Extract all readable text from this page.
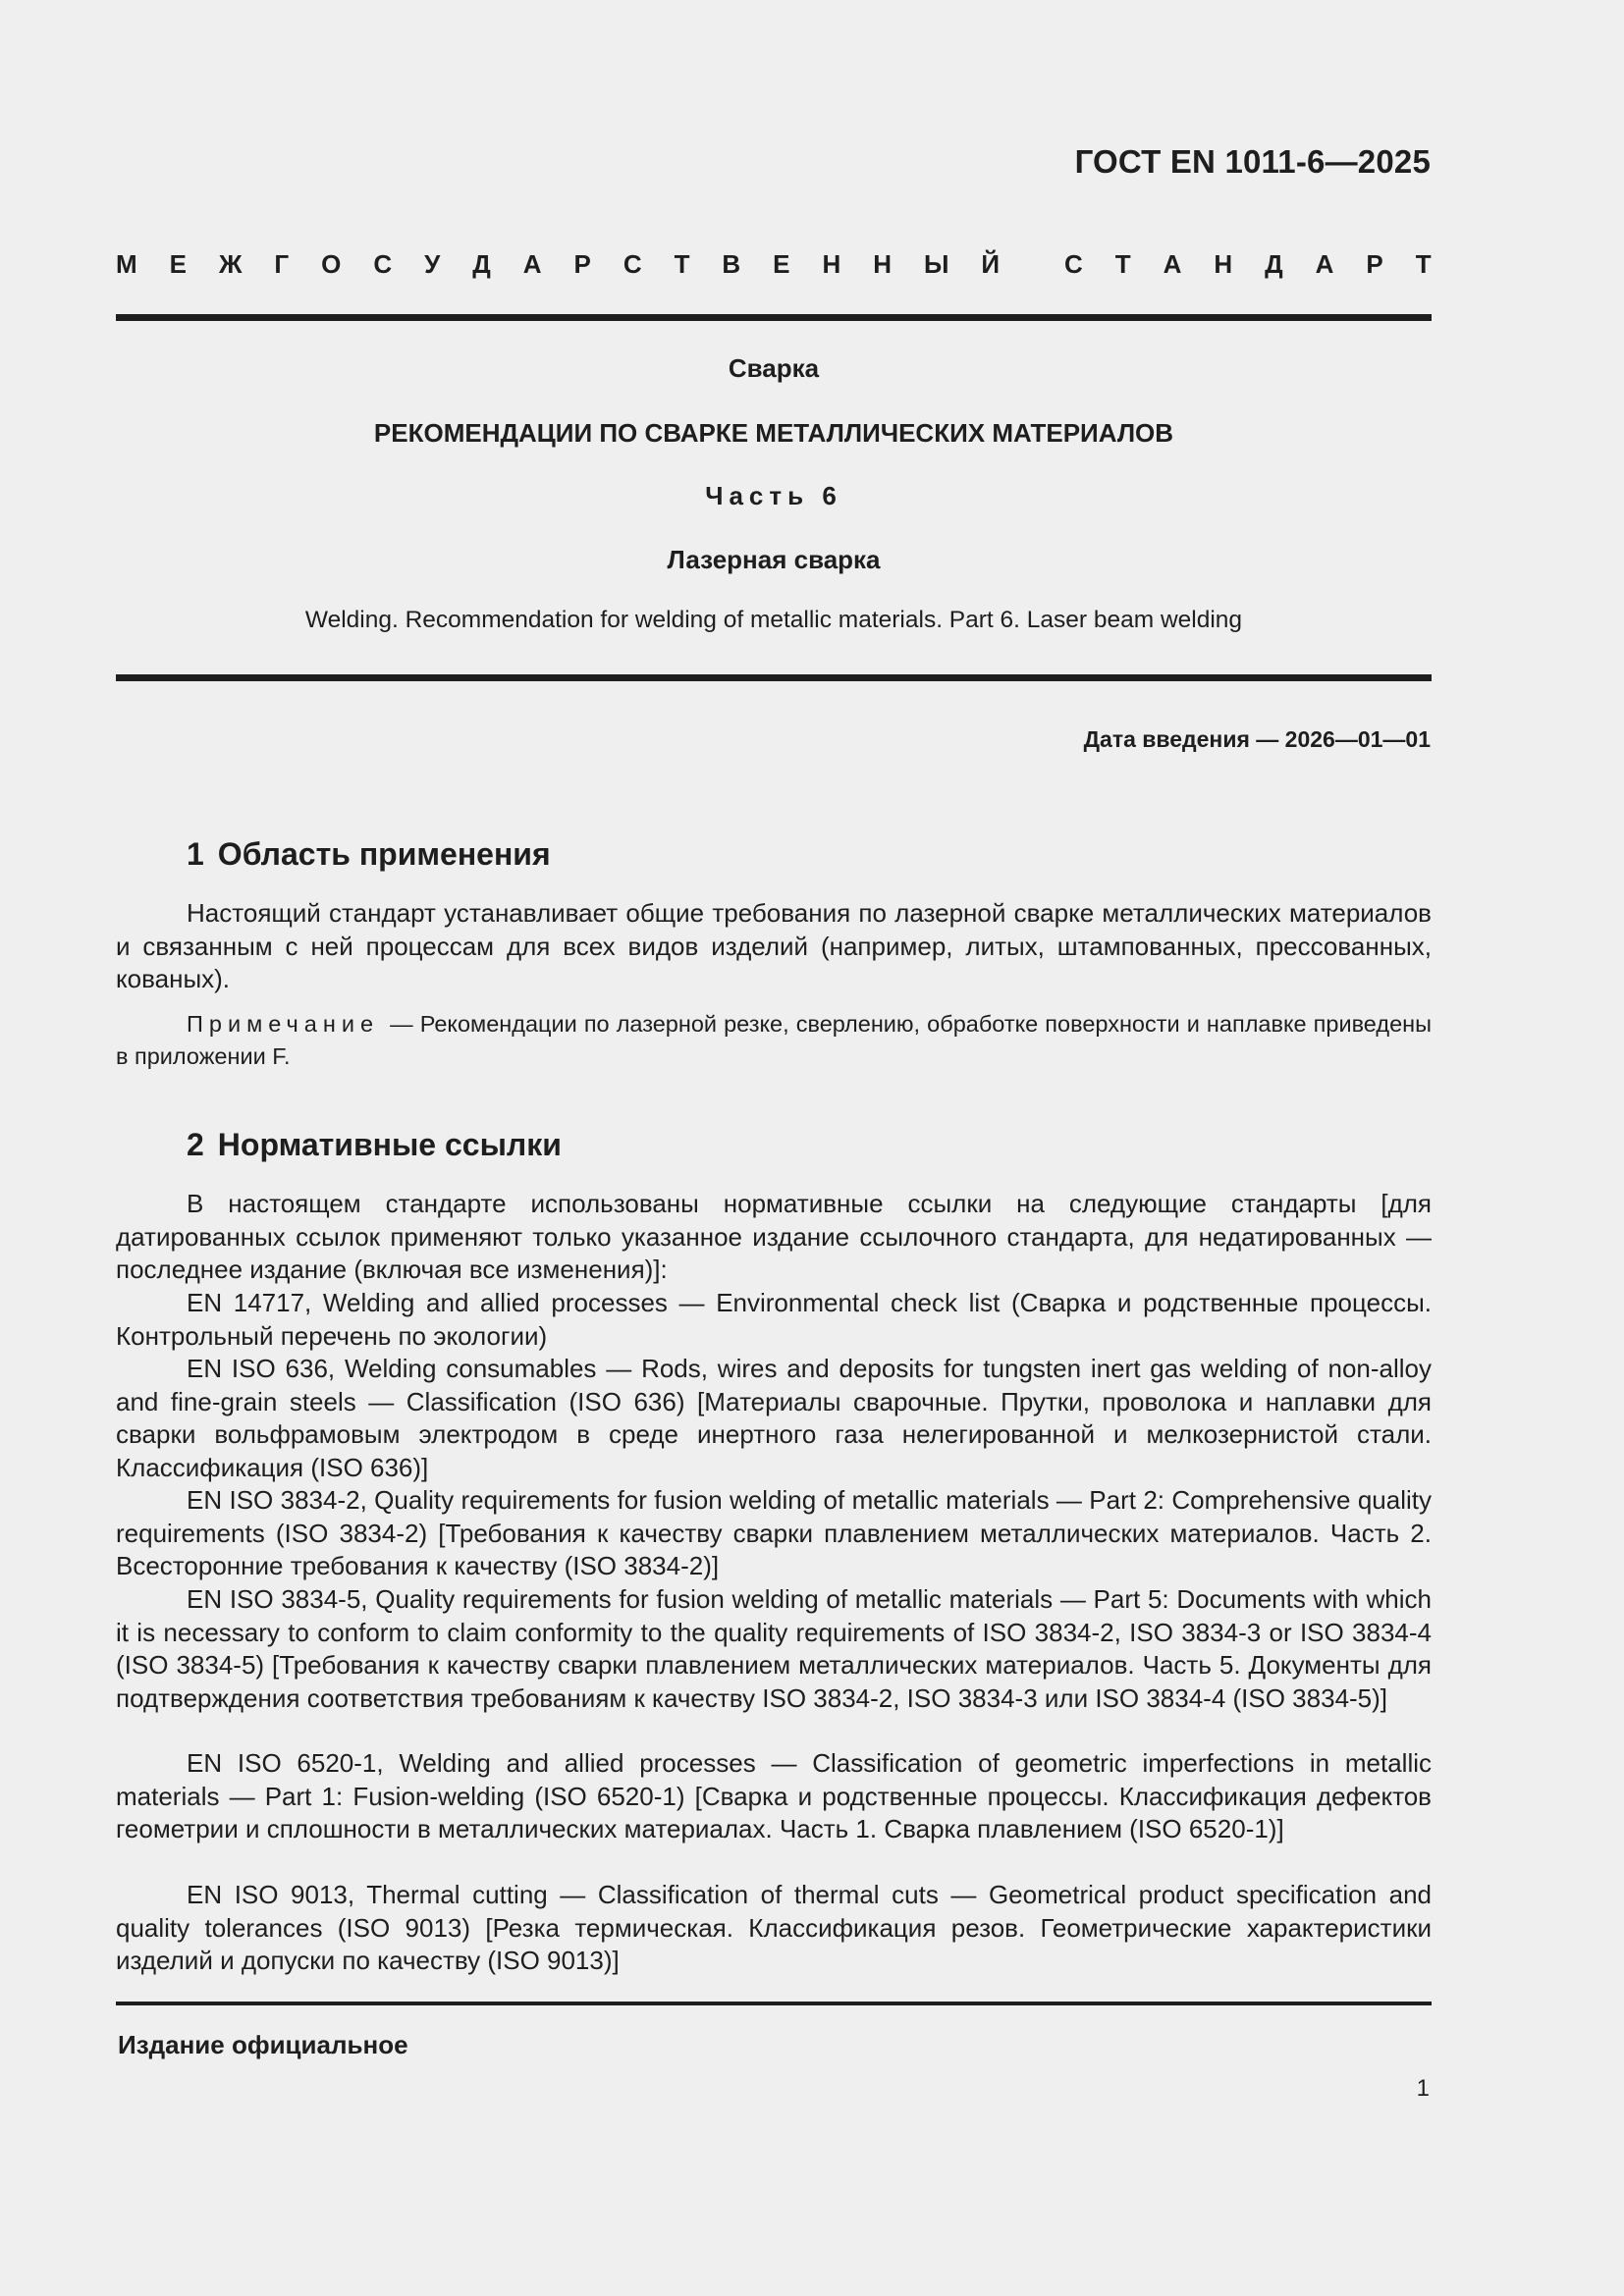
ГОСТ EN 1011-6—2025
М Е Ж Г О С У Д А Р С Т В Е Н Н Ы Й	С Т А Н Д А Р Т
Сварка
РЕКОМЕНДАЦИИ ПО СВАРКЕ МЕТАЛЛИЧЕСКИХ МАТЕРИАЛОВ
Часть 6
Лазерная сварка
Welding. Recommendation for welding of metallic materials. Part 6. Laser beam welding
Дата введения — 2026—01—01
1 Область применения
Настоящий стандарт устанавливает общие требования по лазерной сварке металлических материалов и связанным с ней процессам для всех видов изделий (например, литых, штампованных, прессованных, кованых).
Примечание — Рекомендации по лазерной резке, сверлению, обработке поверхности и наплавке приведены в приложении F.
2 Нормативные ссылки
В настоящем стандарте использованы нормативные ссылки на следующие стандарты [для датированных ссылок применяют только указанное издание ссылочного стандарта, для недатированных — последнее издание (включая все изменения)]:
EN 14717, Welding and allied processes — Environmental check list (Сварка и родственные процессы. Контрольный перечень по экологии)
EN ISO 636, Welding consumables — Rods, wires and deposits for tungsten inert gas welding of non-alloy and fine-grain steels — Classification (ISO 636) [Материалы сварочные. Прутки, проволока и наплавки для сварки вольфрамовым электродом в среде инертного газа нелегированной и мелкозернистой стали. Классификация (ISO 636)]
EN ISO 3834-2, Quality requirements for fusion welding of metallic materials — Part 2: Comprehensive quality requirements (ISO 3834-2) [Требования к качеству сварки плавлением металлических материалов. Часть 2. Всесторонние требования к качеству (ISO 3834-2)]
EN ISO 3834-5, Quality requirements for fusion welding of metallic materials — Part 5: Documents with which it is necessary to conform to claim conformity to the quality requirements of ISO 3834-2, ISO 3834-3 or ISO 3834-4 (ISO 3834-5) [Требования к качеству сварки плавлением металлических материалов. Часть 5. Документы для подтверждения соответствия требованиям к качеству ISO 3834-2, ISO 3834-3 или ISO 3834-4 (ISO 3834-5)]
EN ISO 6520-1, Welding and allied processes — Classification of geometric imperfections in metallic materials — Part 1: Fusion-welding (ISO 6520-1) [Сварка и родственные процессы. Классификация дефектов геометрии и сплошности в металлических материалах. Часть 1. Сварка плавлением (ISO 6520-1)]
EN ISO 9013, Thermal cutting — Classification of thermal cuts — Geometrical product specification and quality tolerances (ISO 9013) [Резка термическая. Классификация резов. Геометрические характеристики изделий и допуски по качеству (ISO 9013)]
Издание официальное
1
